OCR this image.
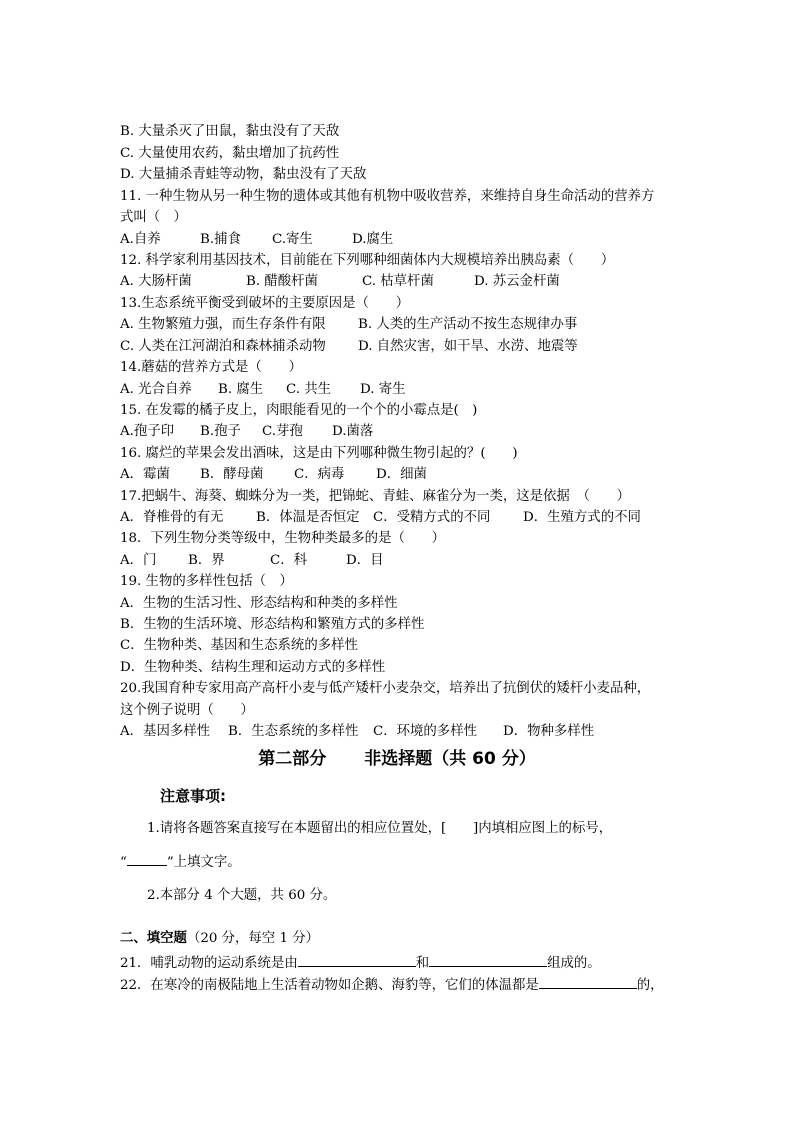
B. 大量杀灭了田鼠，黏虫没有了天敌
C. 大量使用农药，黏虫增加了抗药性
D. 大量捕杀青蛙等动物，黏虫没有了天敌
11. 一种生物从另一种生物的遗体或其他有机物中吸收营养，来维持自身生命活动的营养方
式叫（　）
A.自养	B.捕食 C.寄生	D.腐生
12. 科学家利用基因技术，目前能在下列哪种细菌体内大规模培养出胰岛素（　　）
A. 大肠杆菌	B. 醋酸杆菌	C. 枯草杆菌	D. 苏云金杆菌
13.生态系统平衡受到破坏的主要原因是（　　）
A. 生物繁殖力强，而生存条件有限 B. 人类的生产活动不按生态规律办事
C. 人类在江河湖泊和森林捕杀动物 D. 自然灾害，如干旱、水涝、地震等
14.蘑菇的营养方式是（　　）
A. 光合自养 B. 腐生 C. 共生 D. 寄生
15. 在发霉的橘子皮上，肉眼能看见的一个个的小霉点是(　)
A.孢子印 B.孢子 C.芽孢 D.菌落
16. 腐烂的苹果会发出酒味，这是由下列哪种微生物引起的？(　　)
A．霉菌 B．酵母菌 C．病毒 D．细菌
17.把蜗牛、海葵、蜘蛛分为一类，把锦蛇、青蛙、麻雀分为一类，这是依据　（　　）
A．脊椎骨的有无 B．体温是否恒定 C．受精方式的不同 D．生殖方式的不同
18．下列生物分类等级中，生物种类最多的是（　　）
A．门 B．界	C．科	D．目
19. 生物的多样性包括（　）
A．生物的生活习性、形态结构和种类的多样性
B．生物的生活环境、形态结构和繁殖方式的多样性
C．生物种类、基因和生态系统的多样性
D．生物种类、结构生理和运动方式的多样性
20.我国育种专家用高产高杆小麦与低产矮杆小麦杂交，培养出了抗倒伏的矮杆小麦品种，
这个例子说明（　　）
A．基因多样性 B．生态系统的多样性 C．环境的多样性 D．物种多样性
第二部分 非选择题（共 60 分）
注意事项:
1.请将各题答案直接写在本题留出的相应位置处，[　　]内填相应图上的标号，
“	”上填文字。
2.本部分 4 个大题，共 60 分。
二、填空题（20 分，每空 1 分）
21．哺乳动物的运动系统是由	和	组成的。
22．在寒冷的南极陆地上生活着动物如企鹅、海豹等，它们的体温都是	的，
